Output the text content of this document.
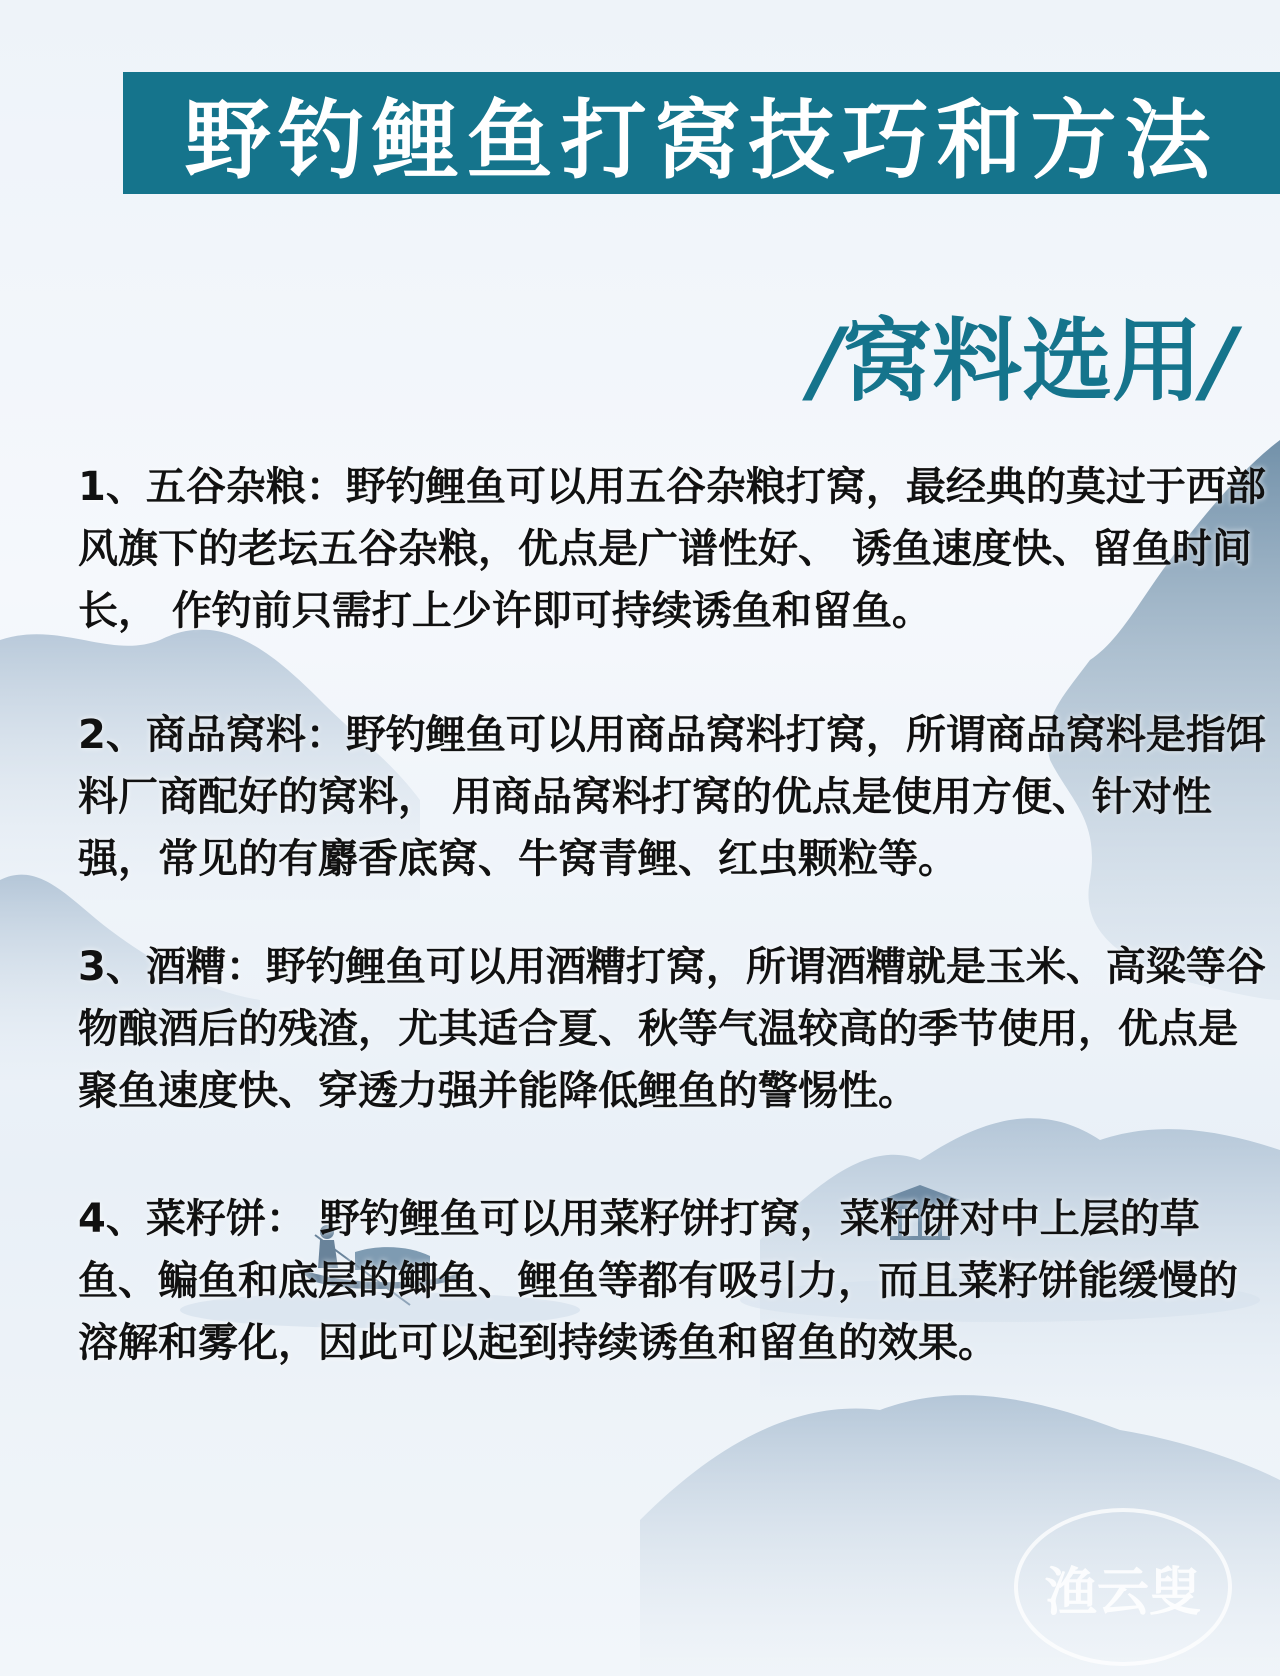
野钓鲤鱼打窝技巧和方法
/窝料选用/

1、五谷杂粮：野钓鲤鱼可以用五谷杂粮打窝，最经典的莫过于西部风旗下的老坛五谷杂粮，优点是广谱性好、 诱鱼速度快、留鱼时间长， 作钓前只需打上少许即可持续诱鱼和留鱼。

2、商品窝料：野钓鲤鱼可以用商品窝料打窝，所谓商品窝料是指饵料厂商配好的窝料， 用商品窝料打窝的优点是使用方便、针对性强，常见的有麝香底窝、牛窝青鲤、红虫颗粒等。

3、酒糟：野钓鲤鱼可以用酒糟打窝，所谓酒糟就是玉米、高粱等谷物酿酒后的残渣，尤其适合夏、秋等气温较高的季节使用，优点是聚鱼速度快、穿透力强并能降低鲤鱼的警惕性。

4、菜籽饼： 野钓鲤鱼可以用菜籽饼打窝，菜籽饼对中上层的草鱼、鳊鱼和底层的鲫鱼、鲤鱼等都有吸引力，而且菜籽饼能缓慢的溶解和雾化，因此可以起到持续诱鱼和留鱼的效果。

渔云叟
